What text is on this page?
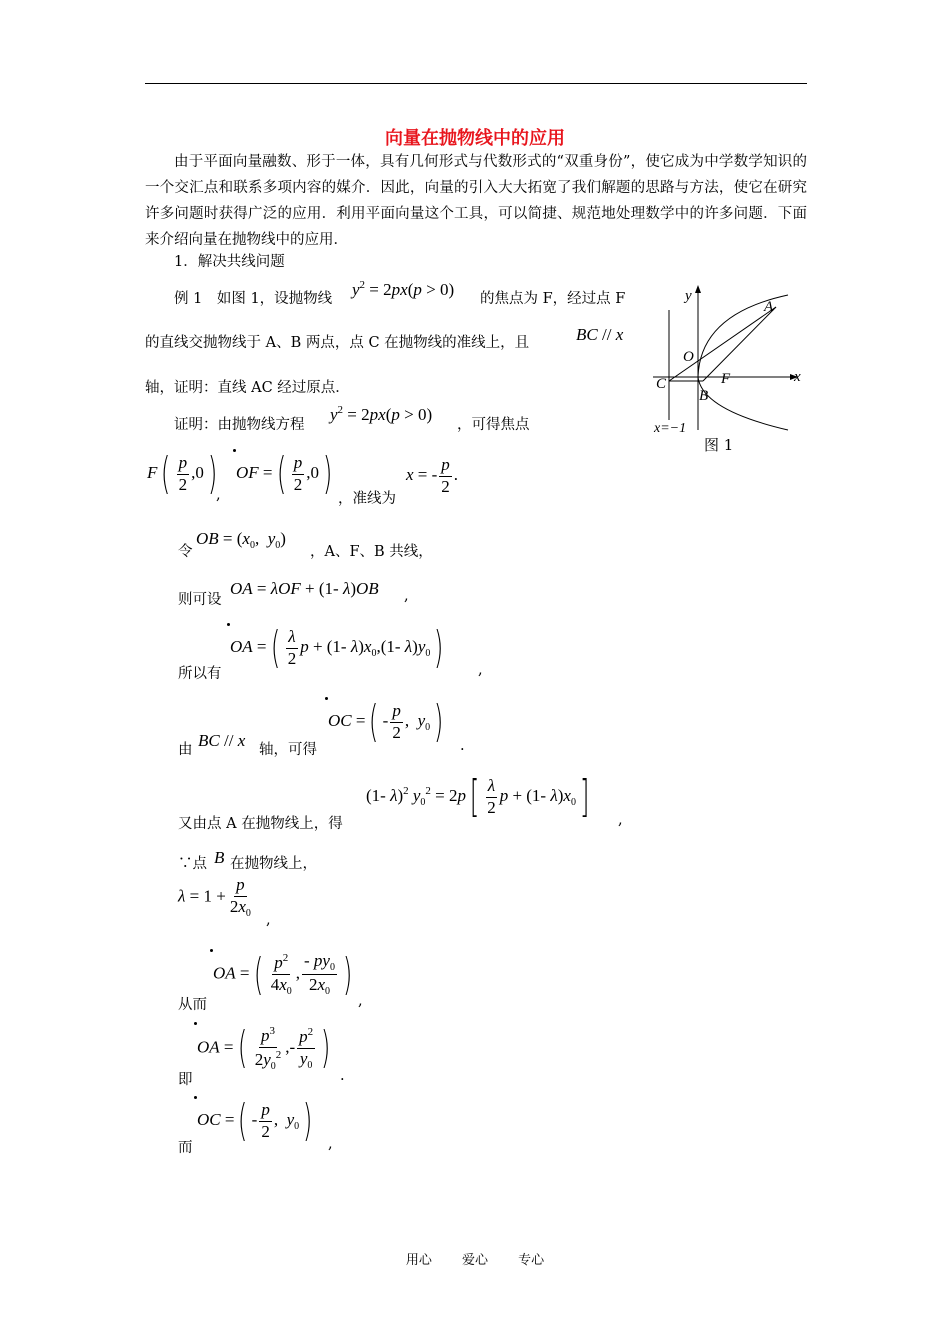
向量在抛物线中的应用
由于平面向量融数、形于一体，具有几何形式与代数形式的“双重身份”，使它成为中学数学知识的一个交汇点和联系多项内容的媒介．因此，向量的引入大大拓宽了我们解题的思路与方法，使它在研究许多问题时获得广泛的应用．利用平面向量这个工具，可以简捷、规范地处理数学中的许多问题．下面来介绍向量在抛物线中的应用．
1．解决共线问题
例 1　如图 1，设抛物线 $y^2 = 2px(p > 0)$ 的焦点为 F，经过点 F
的直线交抛物线于 A、B 两点，点 C 在抛物线的准线上，且	BC // x
轴，证明：直线 AC 经过原点．
y
x
A
O
F
C
B
x=−1
图 1
证明：由抛物线方程
$y^2 = 2px(p > 0)$
，可得焦点
$F( \frac{p}{2} ,0)$
,
OF =( $\frac{p}{2} ,0$) ，准线为
x = - $\frac{p}{2}$ .
令
OB = ($x_0$,  $y_0$)
，A、F、B 共线，
则可设
OA = λOF + (1- λ)OB ,
所以有
OA =( $\frac{\lambda}{2}$ p + (1- $\lambda)x_0,(1-$ $\lambda)y_0$) ,
由 BC // x 轴，可得
OC =( - $\frac{p}{2}$ ,  $y_0$) .
又由点 A 在抛物线上，得
(1- λ)$^2$ $y_0^2 = 2p[ \frac{\lambda}{2}$ p + (1- $\lambda)x_0$] ,
∵点 B 在抛物线上，
$\lambda = 1 + \frac{p}{2x_0}$
,
从而
OA =( $\frac{p^2}{4x_0}$ , $\frac{- py_0}{2x_0}$ )
,
即
OA =( $\frac{p^3}{2y_0^2}$ ,- $\frac{p^2}{y_0}$ )
.
而
OC =( - $\frac{p}{2}$ ,  $y_0$) ,
用心 爱心 专心
